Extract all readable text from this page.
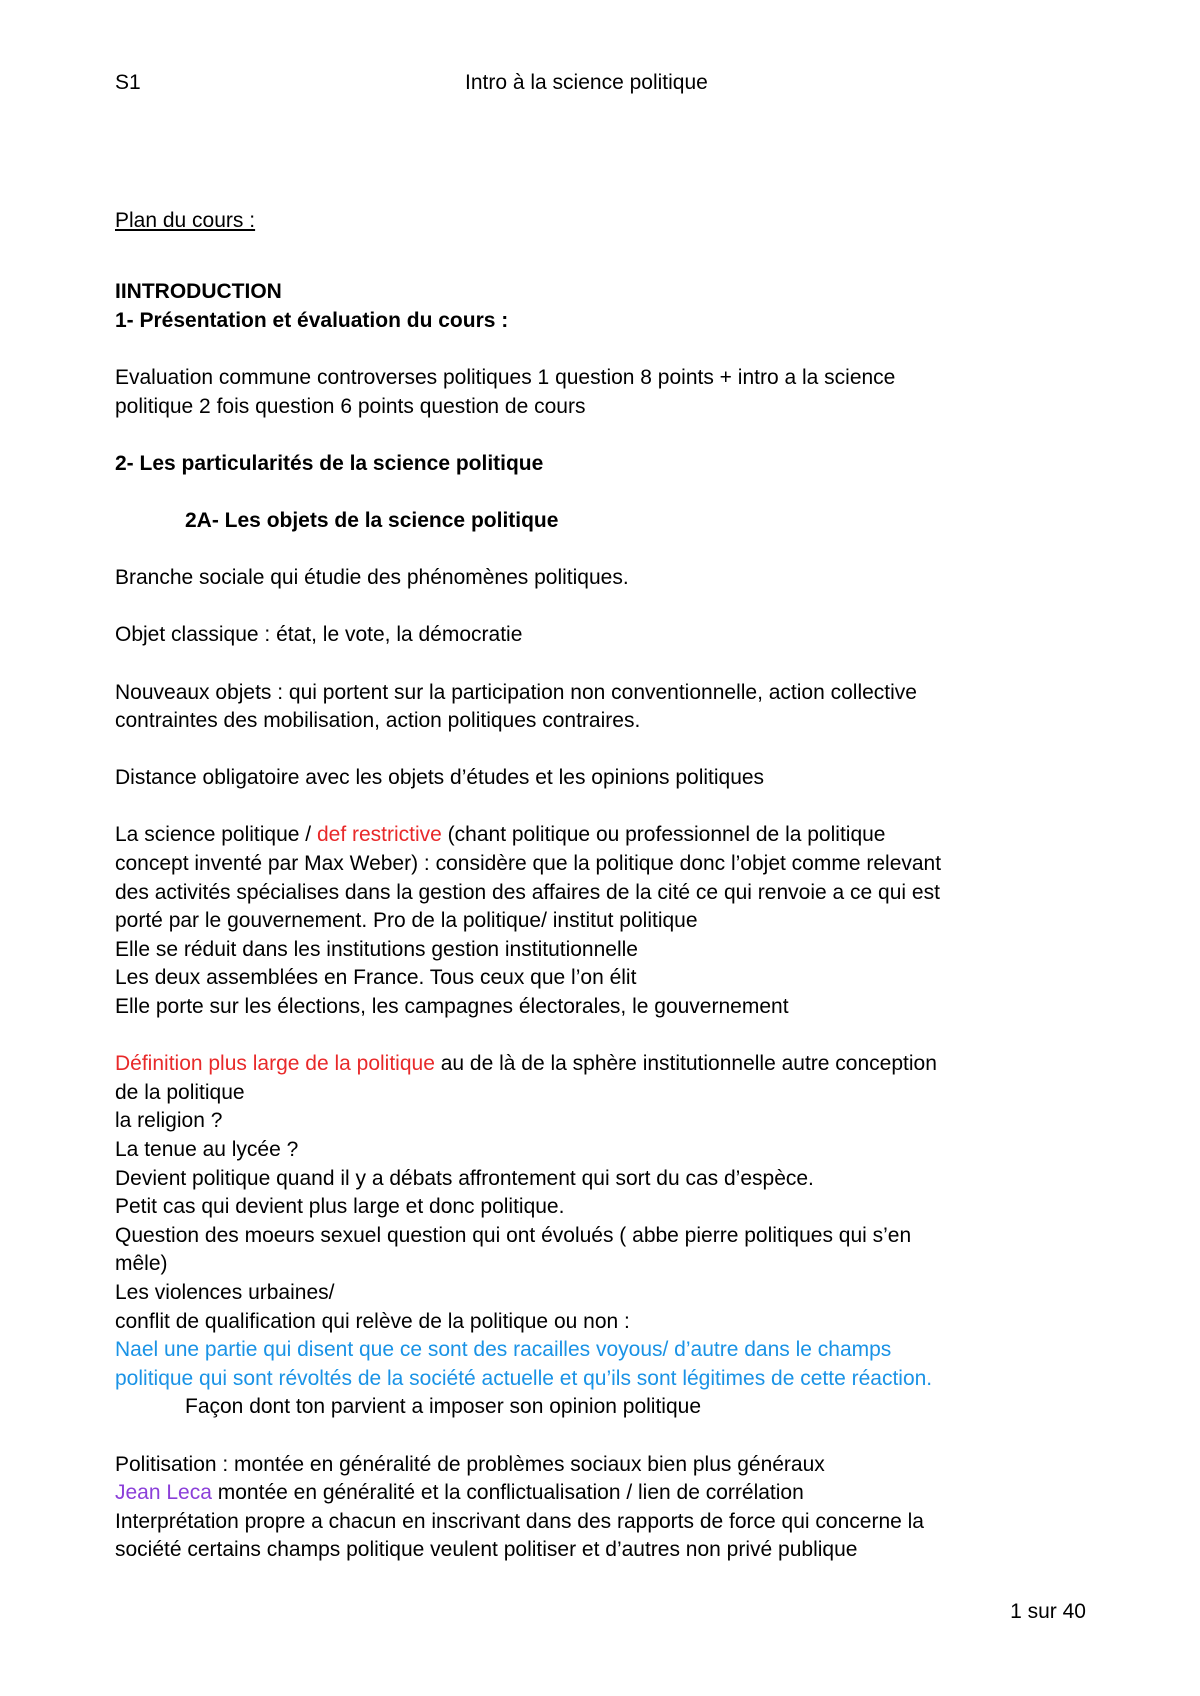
S1	Intro à la science politique

Plan du cours :

IINTRODUCTION

1- Présentation et évaluation du cours :

Evaluation commune controverses politiques 1 question 8 points + intro a la science

politique 2 fois question 6 points question de cours

2- Les particularités de la science politique

2A- Les objets de la science politique

Branche sociale qui étudie des phénomènes politiques.

Objet classique : état, le vote, la démocratie

Nouveaux objets : qui portent sur la participation non conventionnelle, action collective

contraintes des mobilisation, action politiques contraires.

Distance obligatoire avec les objets d’études et les opinions politiques

La science politique / def restrictive (chant politique ou professionnel de la politique

concept inventé par Max Weber) : considère que la politique donc l’objet comme relevant

des activités spécialises dans la gestion des affaires de la cité ce qui renvoie a ce qui est

porté par le gouvernement. Pro de la politique/ institut politique

Elle se réduit dans les institutions gestion institutionnelle

Les deux assemblées en France. Tous ceux que l’on élit

Elle porte sur les élections, les campagnes électorales, le gouvernement

Définition plus large de la politique au de là de la sphère institutionnelle autre conception

de la politique

la religion ?

La tenue au lycée ?

Devient politique quand il y a débats affrontement qui sort du cas d’espèce.

Petit cas qui devient plus large et donc politique.

Question des moeurs sexuel question qui ont évolués ( abbe pierre politiques qui s’en

mêle)

Les violences urbaines/

conflit de qualification qui relève de la politique ou non :

Nael une partie qui disent que ce sont des racailles voyous/ d’autre dans le champs

politique qui sont révoltés de la société actuelle et qu’ils sont légitimes de cette réaction.

Façon dont ton parvient a imposer son opinion politique

Politisation : montée en généralité de problèmes sociaux bien plus généraux

Jean Leca montée en généralité et la conflictualisation / lien de corrélation

Interprétation propre a chacun en inscrivant dans des rapports de force qui concerne la

société certains champs politique veulent politiser et d’autres non privé publique

1 sur 40
